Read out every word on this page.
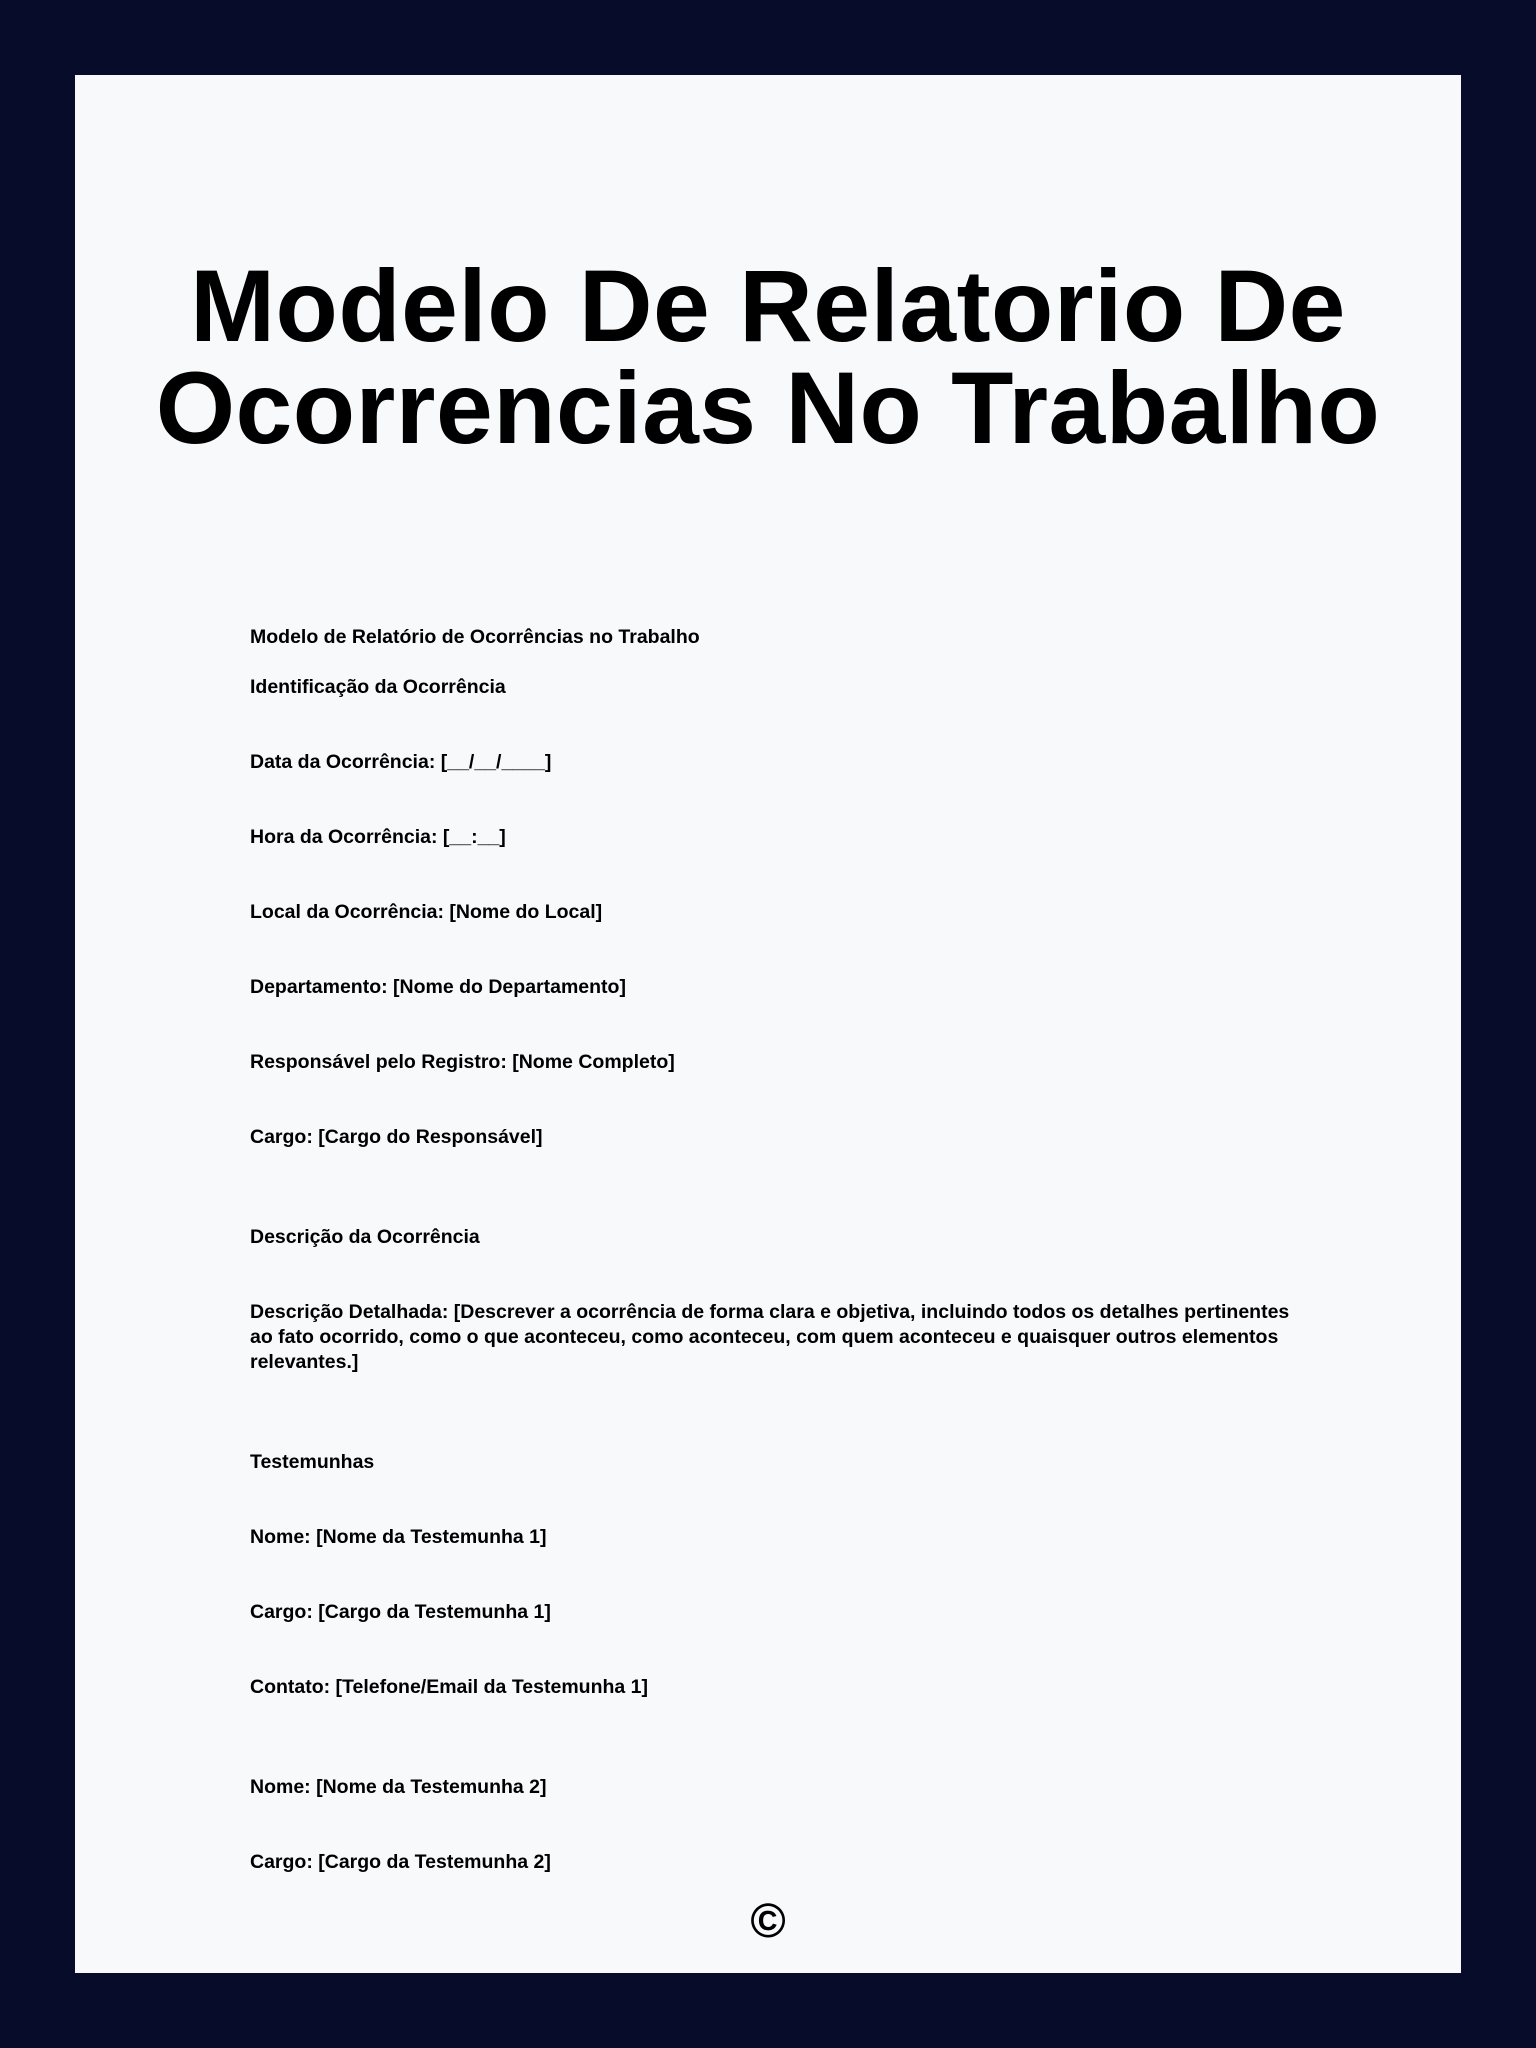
Modelo De Relatorio De Ocorrencias No Trabalho

Modelo de Relatório de Ocorrências no Trabalho

Identificação da Ocorrência

Data da Ocorrência: [__/__/____]

Hora da Ocorrência: [__:__]

Local da Ocorrência: [Nome do Local]

Departamento: [Nome do Departamento]

Responsável pelo Registro: [Nome Completo]

Cargo: [Cargo do Responsável]

Descrição da Ocorrência

Descrição Detalhada: [Descrever a ocorrência de forma clara e objetiva, incluindo todos os detalhes pertinentes ao fato ocorrido, como o que aconteceu, como aconteceu, com quem aconteceu e quaisquer outros elementos relevantes.]

Testemunhas

Nome: [Nome da Testemunha 1]

Cargo: [Cargo da Testemunha 1]

Contato: [Telefone/Email da Testemunha 1]

Nome: [Nome da Testemunha 2]

Cargo: [Cargo da Testemunha 2]

©
